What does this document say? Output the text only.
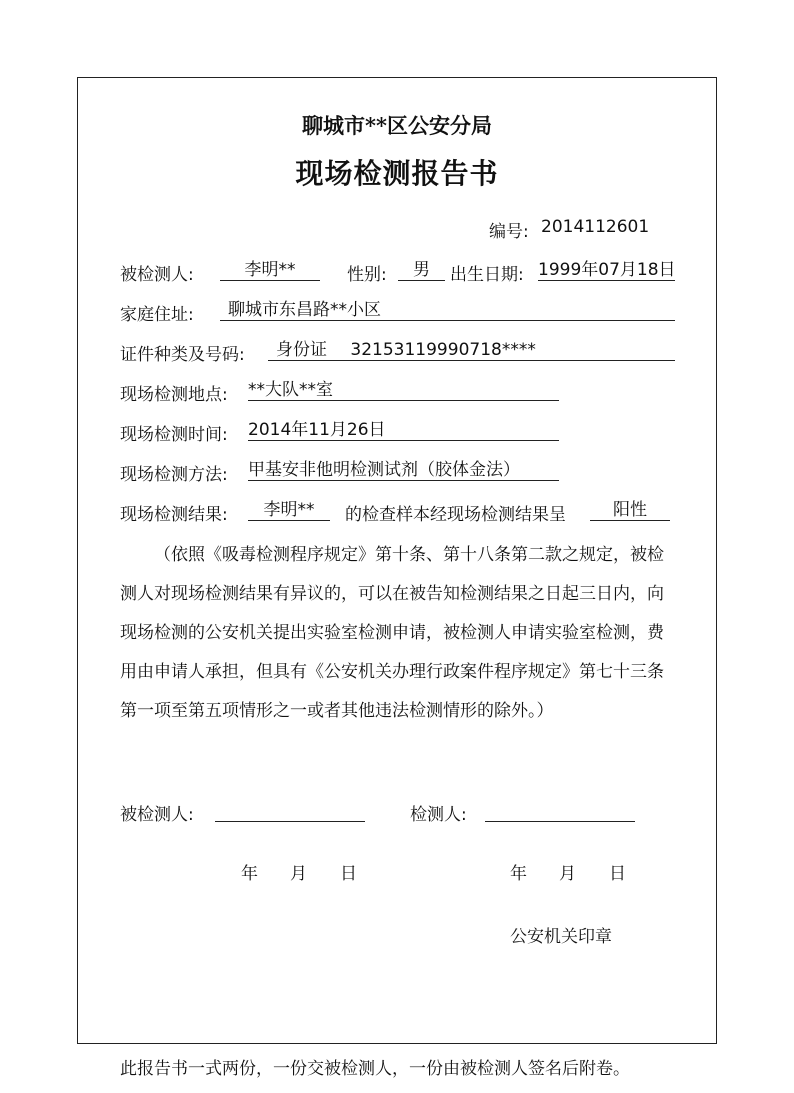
聊城市**区公安分局
现场检测报告书
编号: 2014112601
被检测人:	李明**	性别:	男	出生日期: 1999年07月18日
家庭住址:	聊城市东昌路**小区
证件种类及号码:	身份证 32153119990718****
现场检测地点: **大队**室
现场检测时间: 2014年11月26日
现场检测方法: 甲基安非他明检测试剂（胶体金法）
现场检测结果:	李明**	的检查样本经现场检测结果呈	阳性

（依照《吸毒检测程序规定》第十条、第十八条第二款之规定，被检测人对现场检测结果有异议的，可以在被告知检测结果之日起三日内，向现场检测的公安机关提出实验室检测申请，被检测人申请实验室检测，费用由申请人承担，但具有《公安机关办理行政案件程序规定》第七十三条第一项至第五项情形之一或者其他违法检测情形的除外。）

被检测人:	检测人:
年 月 日	年 月 日
公安机关印章
此报告书一式两份，一份交被检测人，一份由被检测人签名后附卷。
